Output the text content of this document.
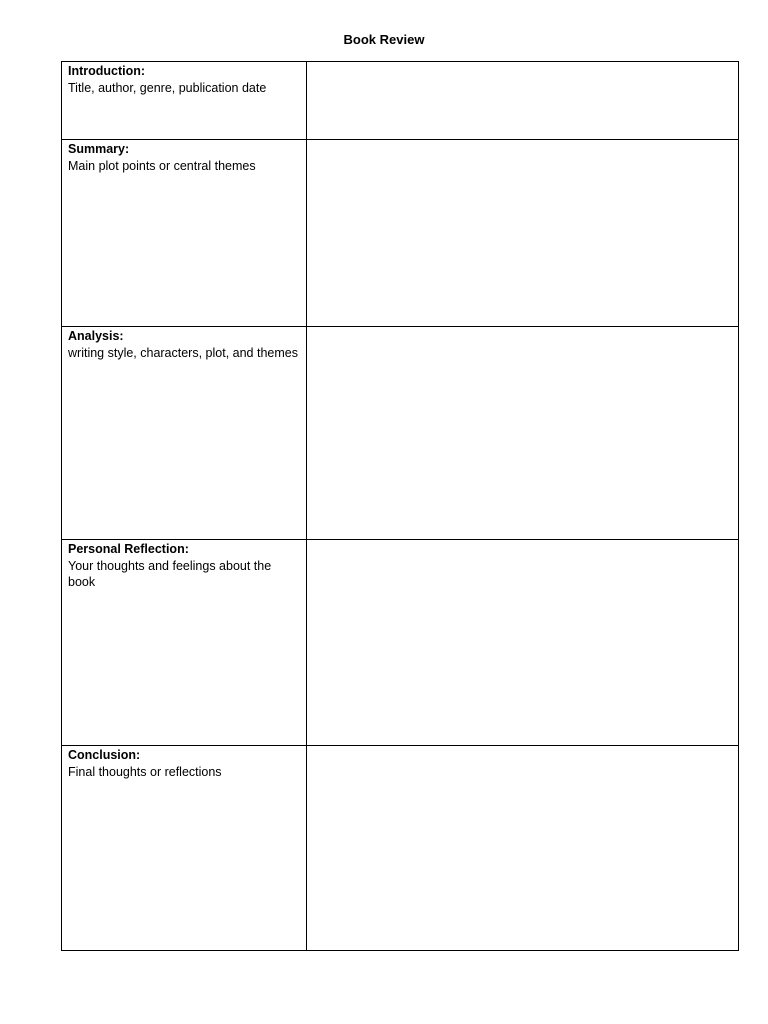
Book Review
Introduction:
Title, author, genre, publication date	

Summary:
Main plot points or central themes	

Analysis:
writing style, characters, plot, and themes	

Personal Reflection:
Your thoughts and feelings about the book	

Conclusion:
Final thoughts or reflections	
